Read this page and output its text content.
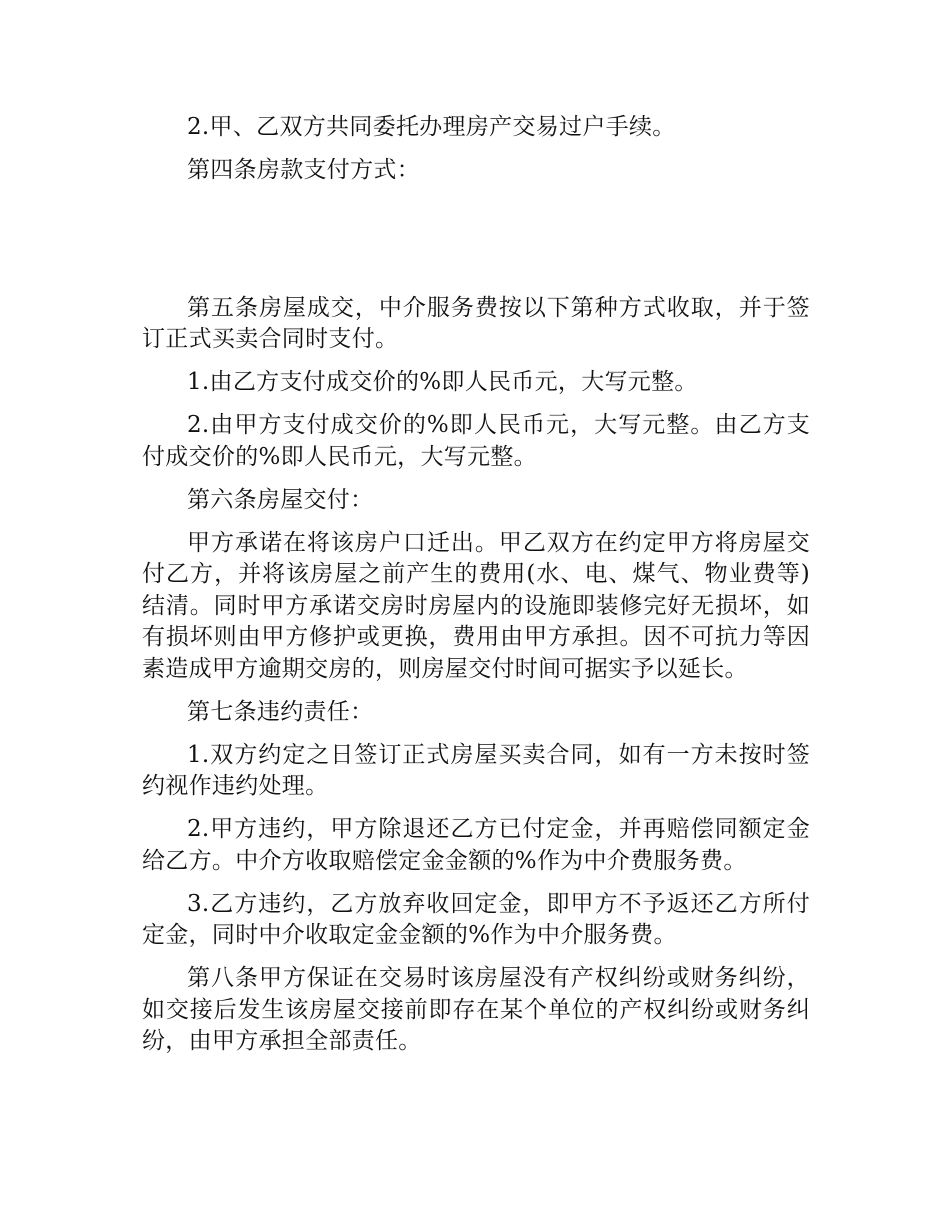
2.甲、乙双方共同委托办理房产交易过户手续。

第四条房款支付方式：

第五条房屋成交，中介服务费按以下第种方式收取，并于签订正式买卖合同时支付。

1.由乙方支付成交价的%即人民币元，大写元整。

2.由甲方支付成交价的%即人民币元，大写元整。由乙方支付成交价的%即人民币元，大写元整。

第六条房屋交付：

甲方承诺在将该房户口迁出。甲乙双方在约定甲方将房屋交付乙方，并将该房屋之前产生的费用(水、电、煤气、物业费等)结清。同时甲方承诺交房时房屋内的设施即装修完好无损坏，如有损坏则由甲方修护或更换，费用由甲方承担。因不可抗力等因素造成甲方逾期交房的，则房屋交付时间可据实予以延长。

第七条违约责任：

1.双方约定之日签订正式房屋买卖合同，如有一方未按时签约视作违约处理。

2.甲方违约，甲方除退还乙方已付定金，并再赔偿同额定金给乙方。中介方收取赔偿定金金额的%作为中介费服务费。

3.乙方违约，乙方放弃收回定金，即甲方不予返还乙方所付定金，同时中介收取定金金额的%作为中介服务费。

第八条甲方保证在交易时该房屋没有产权纠纷或财务纠纷，如交接后发生该房屋交接前即存在某个单位的产权纠纷或财务纠纷，由甲方承担全部责任。
